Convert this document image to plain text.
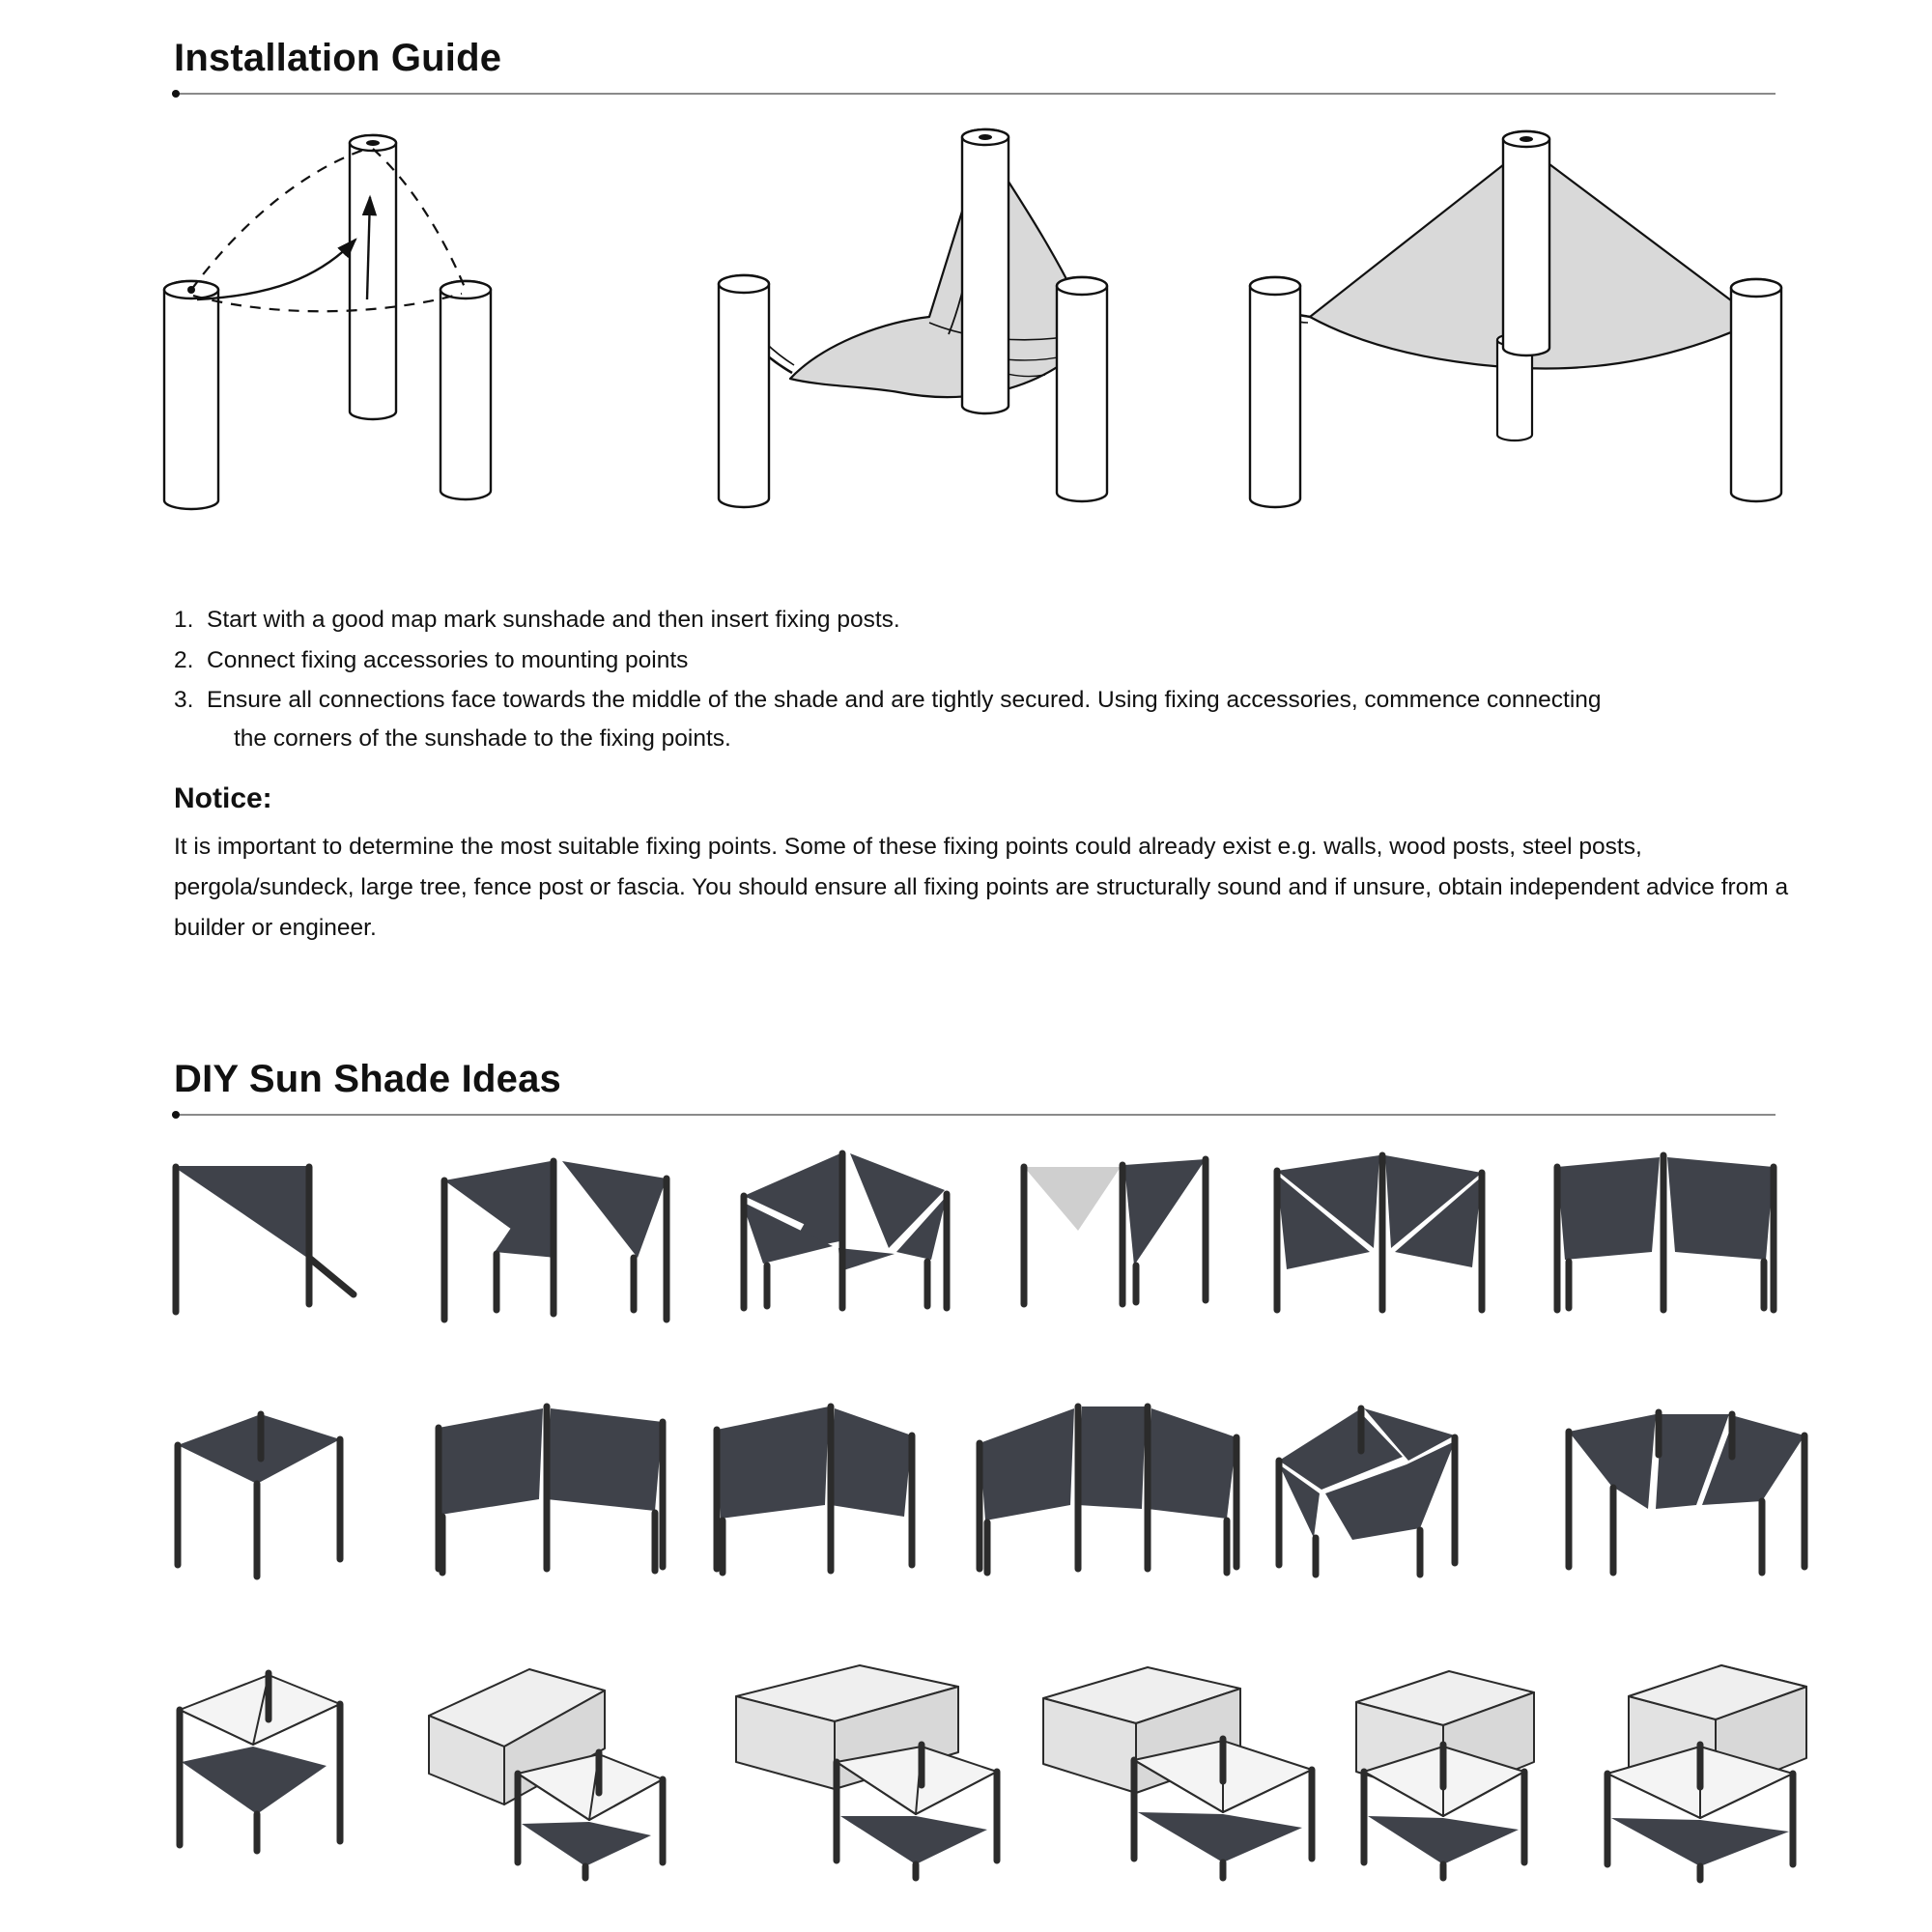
Installation Guide
1. Start with a good map mark sunshade and then insert fixing posts.
2. Connect fixing accessories to mounting points
3. Ensure all connections face towards the middle of the shade and are tightly secured. Using fixing accessories, commence connecting
the corners of the sunshade to the fixing points.
Notice:
It is important to determine the most suitable fixing points. Some of these fixing points could already exist e.g. walls, wood posts, steel posts, pergola/sundeck, large tree, fence post or fascia. You should ensure all fixing points are structurally sound and if unsure, obtain independent advice from a builder or engineer.
DIY Sun Shade Ideas
